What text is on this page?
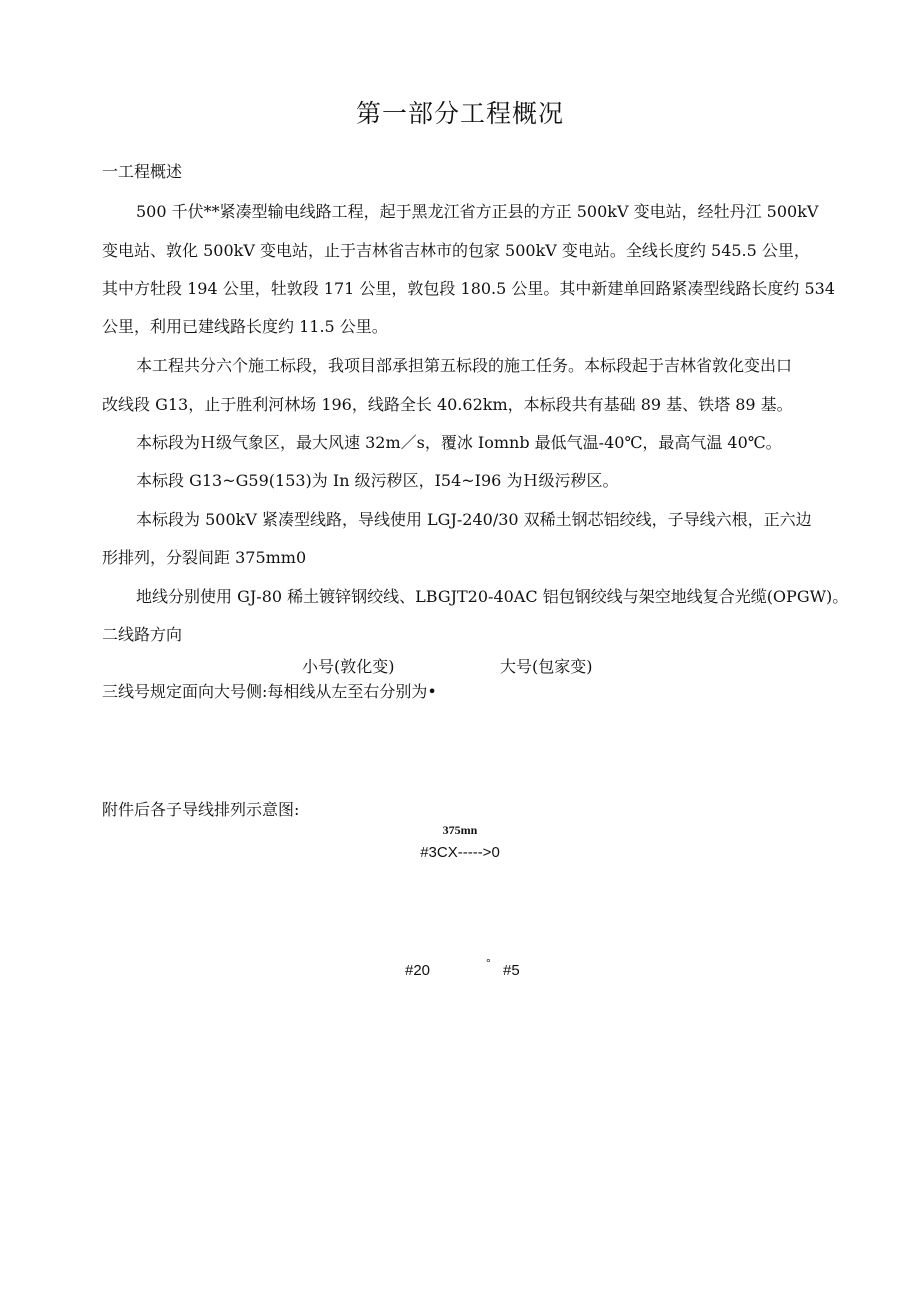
第一部分工程概况
一工程概述
500 千伏**紧凑型输电线路工程，起于黑龙江省方正县的方正 500kV 变电站，经牡丹江 500kV
变电站、敦化 500kV 变电站，止于吉林省吉林市的包家 500kV 变电站。全线长度约 545.5 公里，
其中方牡段 194 公里，牡敦段 171 公里，敦包段 180.5 公里。其中新建单回路紧凑型线路长度约 534
公里，利用已建线路长度约 11.5 公里。
本工程共分六个施工标段，我项目部承担第五标段的施工任务。本标段起于吉林省敦化变出口
改线段 G13，止于胜利河林场 196，线路全长 40.62km，本标段共有基础 89 基、铁塔 89 基。
本标段为Ｈ级气象区，最大风速 32m／s，覆冰 Iomnb 最低气温-40℃，最高气温 40℃。
本标段 G13~G59(153)为 In 级污秽区，I54~I96 为Ｈ级污秽区。
本标段为 500kV 紧凑型线路，导线使用 LGJ-240/30 双稀土钢芯铝绞线，子导线六根，正六边
形排列，分裂间距 375mm0
地线分别使用 GJ-80 稀土镀锌钢绞线、LBGJT20-40AC 铝包钢绞线与架空地线复合光缆(OPGW)。
二线路方向
小号(敦化变)	大号(包家变)
三线号规定面向大号侧:每相线从左至右分别为•
附件后各子导线排列示意图:
375mn
#3CX----->0
#20	° #5
